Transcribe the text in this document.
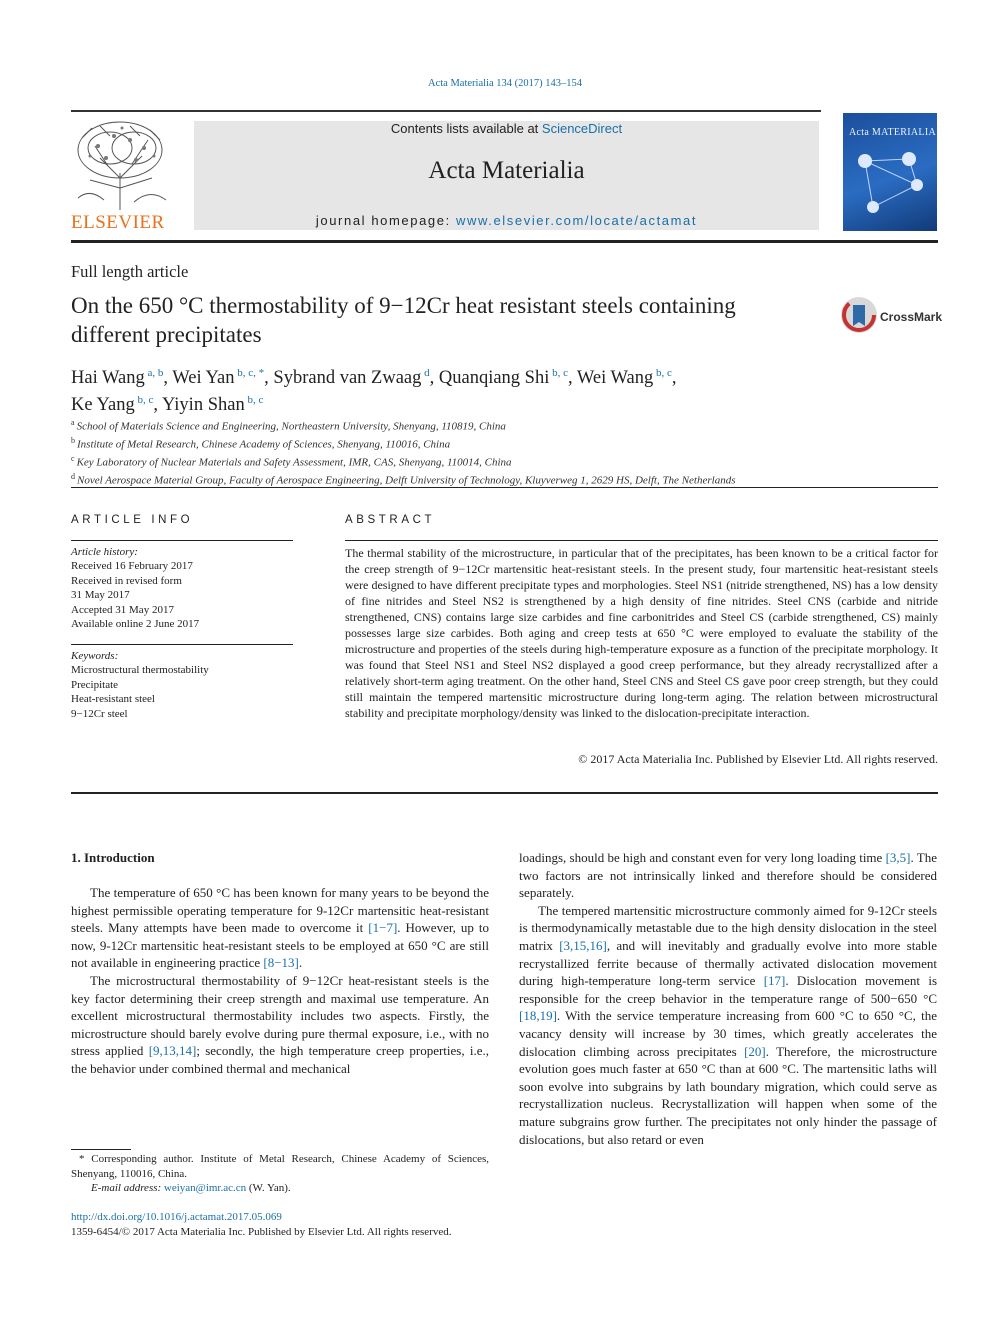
Acta Materialia 134 (2017) 143–154
ELSEVIER
Contents lists available at ScienceDirect
Acta Materialia
journal homepage: www.elsevier.com/locate/actamat
Acta MATERIALIA
Full length article
On the 650 °C thermostability of 9−12Cr heat resistant steels containing different precipitates
CrossMark
Hai Wang $^{a, b}$, Wei Yan $^{b, c, *}$, Sybrand van Zwaag $^d$, Quanqiang Shi $^{b, c}$, Wei Wang $^{b, c}$,
Ke Yang $^{b, c}$, Yiyin Shan $^{b, c}$
$^a$ School of Materials Science and Engineering, Northeastern University, Shenyang, 110819, China
$^b$ Institute of Metal Research, Chinese Academy of Sciences, Shenyang, 110016, China
$^c$ Key Laboratory of Nuclear Materials and Safety Assessment, IMR, CAS, Shenyang, 110014, China
$^d$ Novel Aerospace Material Group, Faculty of Aerospace Engineering, Delft University of Technology, Kluyverweg 1, 2629 HS, Delft, The Netherlands
ARTICLE INFO	ABSTRACT
Article history:
Received 16 February 2017
Received in revised form
31 May 2017
Accepted 31 May 2017
Available online 2 June 2017
Keywords:
Microstructural thermostability
Precipitate
Heat-resistant steel
9−12Cr steel
The thermal stability of the microstructure, in particular that of the precipitates, has been known to be a critical factor for the creep strength of 9−12Cr martensitic heat-resistant steels. In the present study, four martensitic heat-resistant steels were designed to have different precipitate types and morphologies. Steel NS1 (nitride strengthened, NS) has a low density of fine nitrides and Steel NS2 is strengthened by a high density of fine nitrides. Steel CNS (carbide and nitride strengthened, CNS) contains large size carbides and fine carbonitrides and Steel CS (carbide strengthened, CS) mainly possesses large size carbides. Both aging and creep tests at 650 °C were employed to evaluate the stability of the microstructure and properties of the steels during high-temperature exposure as a function of the precipitate morphology. It was found that Steel NS1 and Steel NS2 displayed a good creep performance, but they already recrystallized after a relatively short-term aging treatment. On the other hand, Steel CNS and Steel CS gave poor creep strength, but they could still maintain the tempered martensitic microstructure during long-term aging. The relation between microstructural stability and precipitate morphology/density was linked to the dislocation-precipitate interaction.
© 2017 Acta Materialia Inc. Published by Elsevier Ltd. All rights reserved.
1. Introduction

The temperature of 650 °C has been known for many years to be beyond the highest permissible operating temperature for 9-12Cr martensitic heat-resistant steels. Many attempts have been made to overcome it [1−7]. However, up to now, 9-12Cr martensitic heat-resistant steels to be employed at 650 °C are still not available in engineering practice [8−13].

The microstructural thermostability of 9−12Cr heat-resistant steels is the key factor determining their creep strength and maximal use temperature. An excellent microstructural thermostability includes two aspects. Firstly, the microstructure should barely evolve during pure thermal exposure, i.e., with no stress applied [9,13,14]; secondly, the high temperature creep properties, i.e., the behavior under combined thermal and mechanical

loadings, should be high and constant even for very long loading time [3,5]. The two factors are not intrinsically linked and therefore should be considered separately.

The tempered martensitic microstructure commonly aimed for 9-12Cr steels is thermodynamically metastable due to the high density dislocation in the steel matrix [3,15,16], and will inevitably and gradually evolve into more stable recrystallized ferrite because of thermally activated dislocation movement during high-temperature long-term service [17]. Dislocation movement is responsible for the creep behavior in the temperature range of 500−650 °C [18,19]. With the service temperature increasing from 600 °C to 650 °C, the vacancy density will increase by 30 times, which greatly accelerates the dislocation climbing across precipitates [20]. Therefore, the microstructure evolution goes much faster at 650 °C than at 600 °C. The martensitic laths will soon evolve into subgrains by lath boundary migration, which could serve as recrystallization nucleus. Recrystallization will happen when some of the mature subgrains grow further. The precipitates not only hinder the passage of dislocations, but also retard or even

* Corresponding author. Institute of Metal Research, Chinese Academy of Sciences, Shenyang, 110016, China.
E-mail address: weiyan@imr.ac.cn (W. Yan).
http://dx.doi.org/10.1016/j.actamat.2017.05.069
1359-6454/© 2017 Acta Materialia Inc. Published by Elsevier Ltd. All rights reserved.
